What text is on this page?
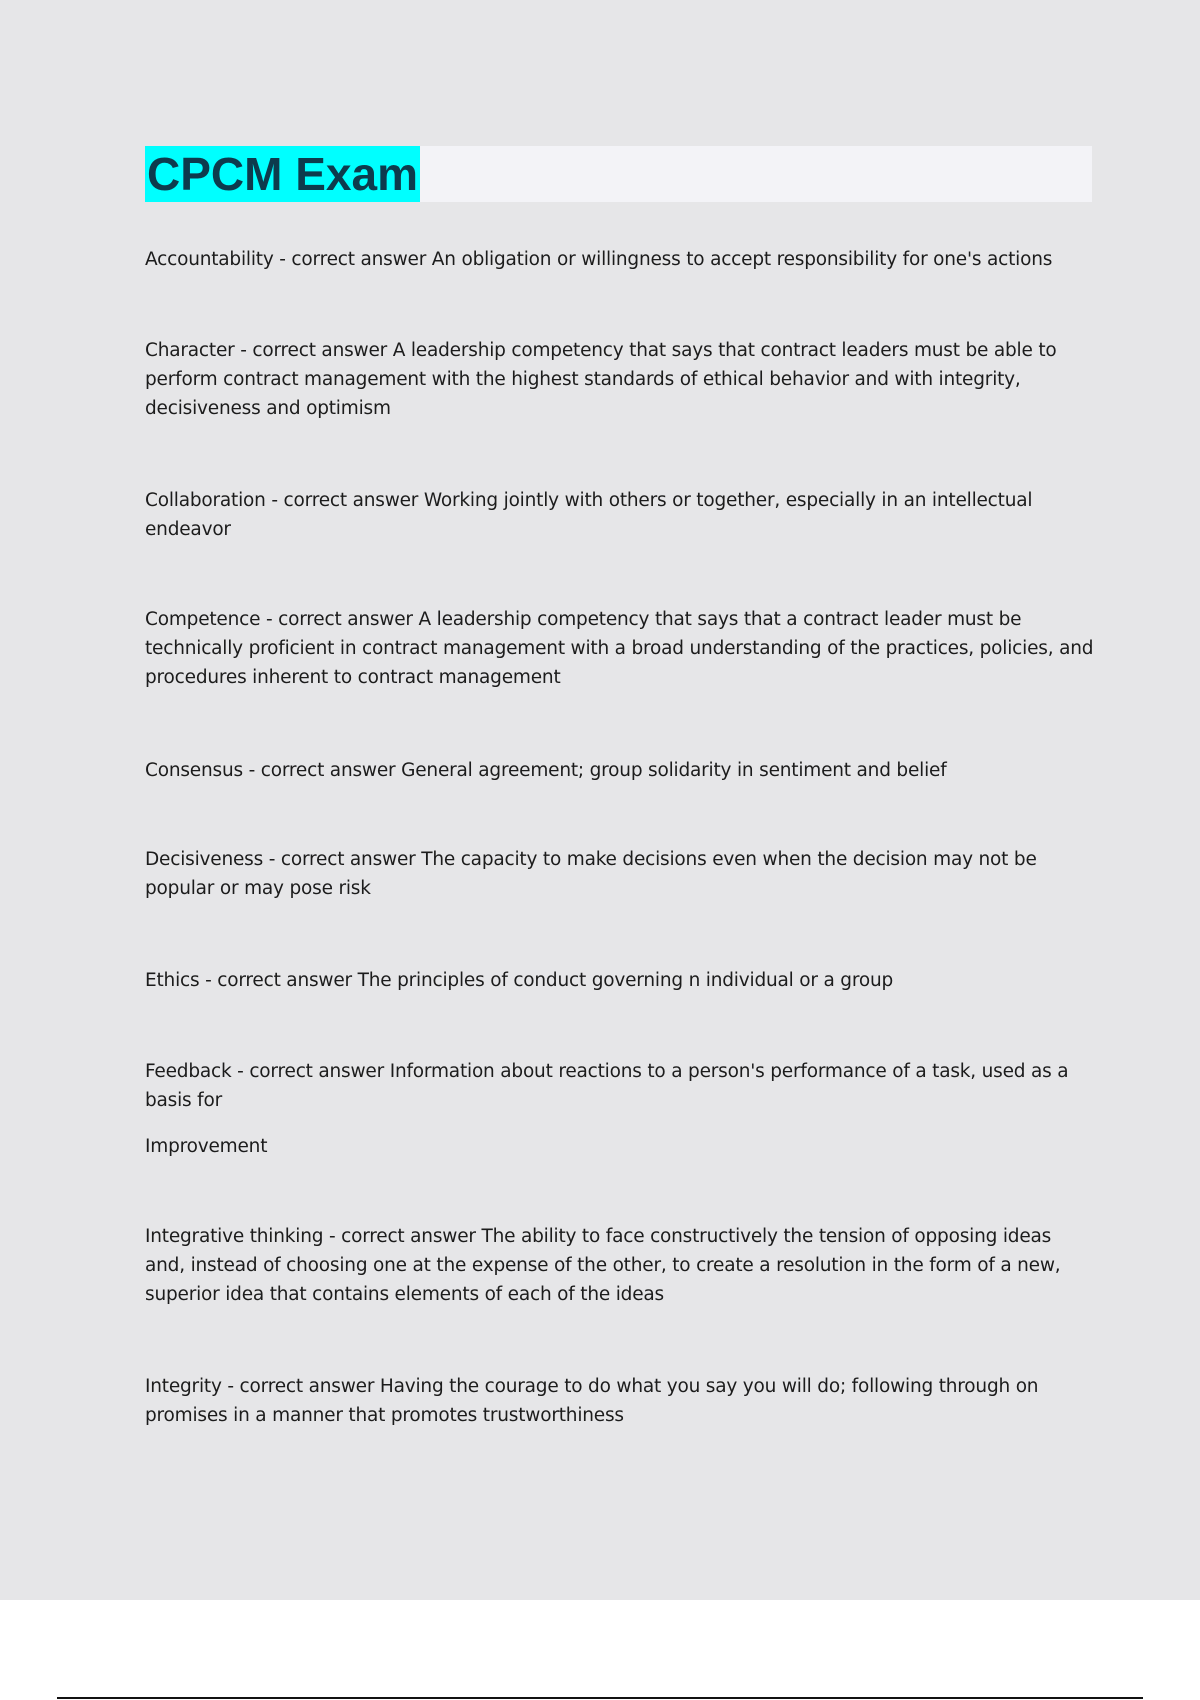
CPCM Exam

Accountability - correct answer An obligation or willingness to accept responsibility for one's actions

Character - correct answer A leadership competency that says that contract leaders must be able to perform contract management with the highest standards of ethical behavior and with integrity, decisiveness and optimism

Collaboration - correct answer Working jointly with others or together, especially in an intellectual endeavor

Competence - correct answer A leadership competency that says that a contract leader must be technically proficient in contract management with a broad understanding of the practices, policies, and procedures inherent to contract management

Consensus - correct answer General agreement; group solidarity in sentiment and belief

Decisiveness - correct answer The capacity to make decisions even when the decision may not be popular or may pose risk

Ethics - correct answer The principles of conduct governing n individual or a group

Feedback - correct answer Information about reactions to a person's performance of a task, used as a basis for

Improvement

Integrative thinking - correct answer The ability to face constructively the tension of opposing ideas and, instead of choosing one at the expense of the other, to create a resolution in the form of a new, superior idea that contains elements of each of the ideas

Integrity - correct answer Having the courage to do what you say you will do; following through on promises in a manner that promotes trustworthiness
